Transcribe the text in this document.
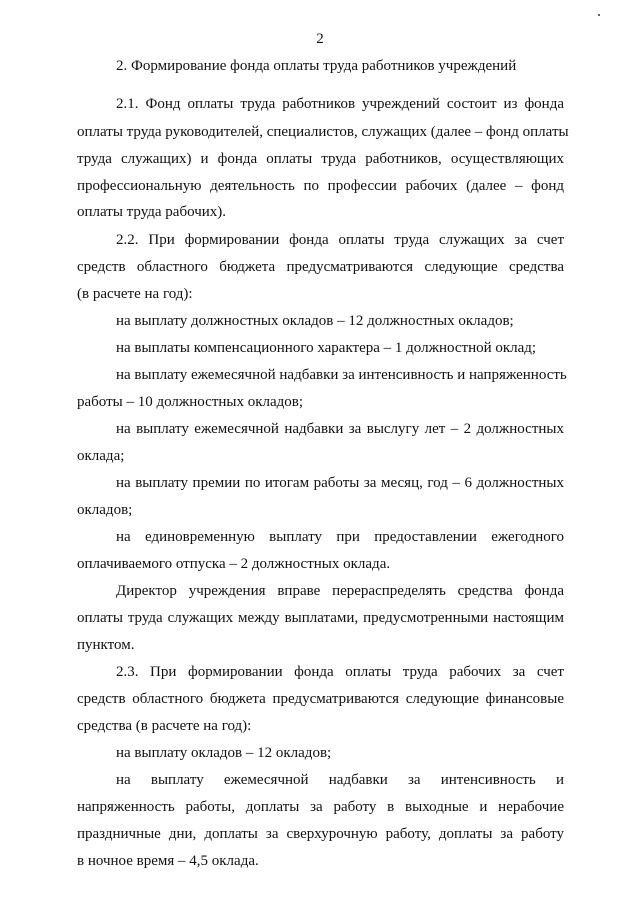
2
2. Формирование фонда оплаты труда работников учреждений
2.1. Фонд оплаты труда работников учреждений состоит из фонда
оплаты труда руководителей, специалистов, служащих (далее – фонд оплаты
труда служащих) и фонда оплаты труда работников, осуществляющих
профессиональную деятельность по профессии рабочих (далее – фонд
оплаты труда рабочих).
2.2. При формировании фонда оплаты труда служащих за счет
средств областного бюджета предусматриваются следующие средства
(в расчете на год):
на выплату должностных окладов – 12 должностных окладов;
на выплаты компенсационного характера – 1 должностной оклад;
на выплату ежемесячной надбавки за интенсивность и напряженность
работы – 10 должностных окладов;
на выплату ежемесячной надбавки за выслугу лет – 2 должностных
оклада;
на выплату премии по итогам работы за месяц, год – 6 должностных
окладов;
на единовременную выплату при предоставлении ежегодного
оплачиваемого отпуска – 2 должностных оклада.
Директор учреждения вправе перераспределять средства фонда
оплаты труда служащих между выплатами, предусмотренными настоящим
пунктом.
2.3. При формировании фонда оплаты труда рабочих за счет
средств областного бюджета предусматриваются следующие финансовые
средства (в расчете на год):
на выплату окладов – 12 окладов;
на выплату ежемесячной надбавки за интенсивность и
напряженность работы, доплаты за работу в выходные и нерабочие
праздничные дни, доплаты за сверхурочную работу, доплаты за работу
в ночное время – 4,5 оклада.
